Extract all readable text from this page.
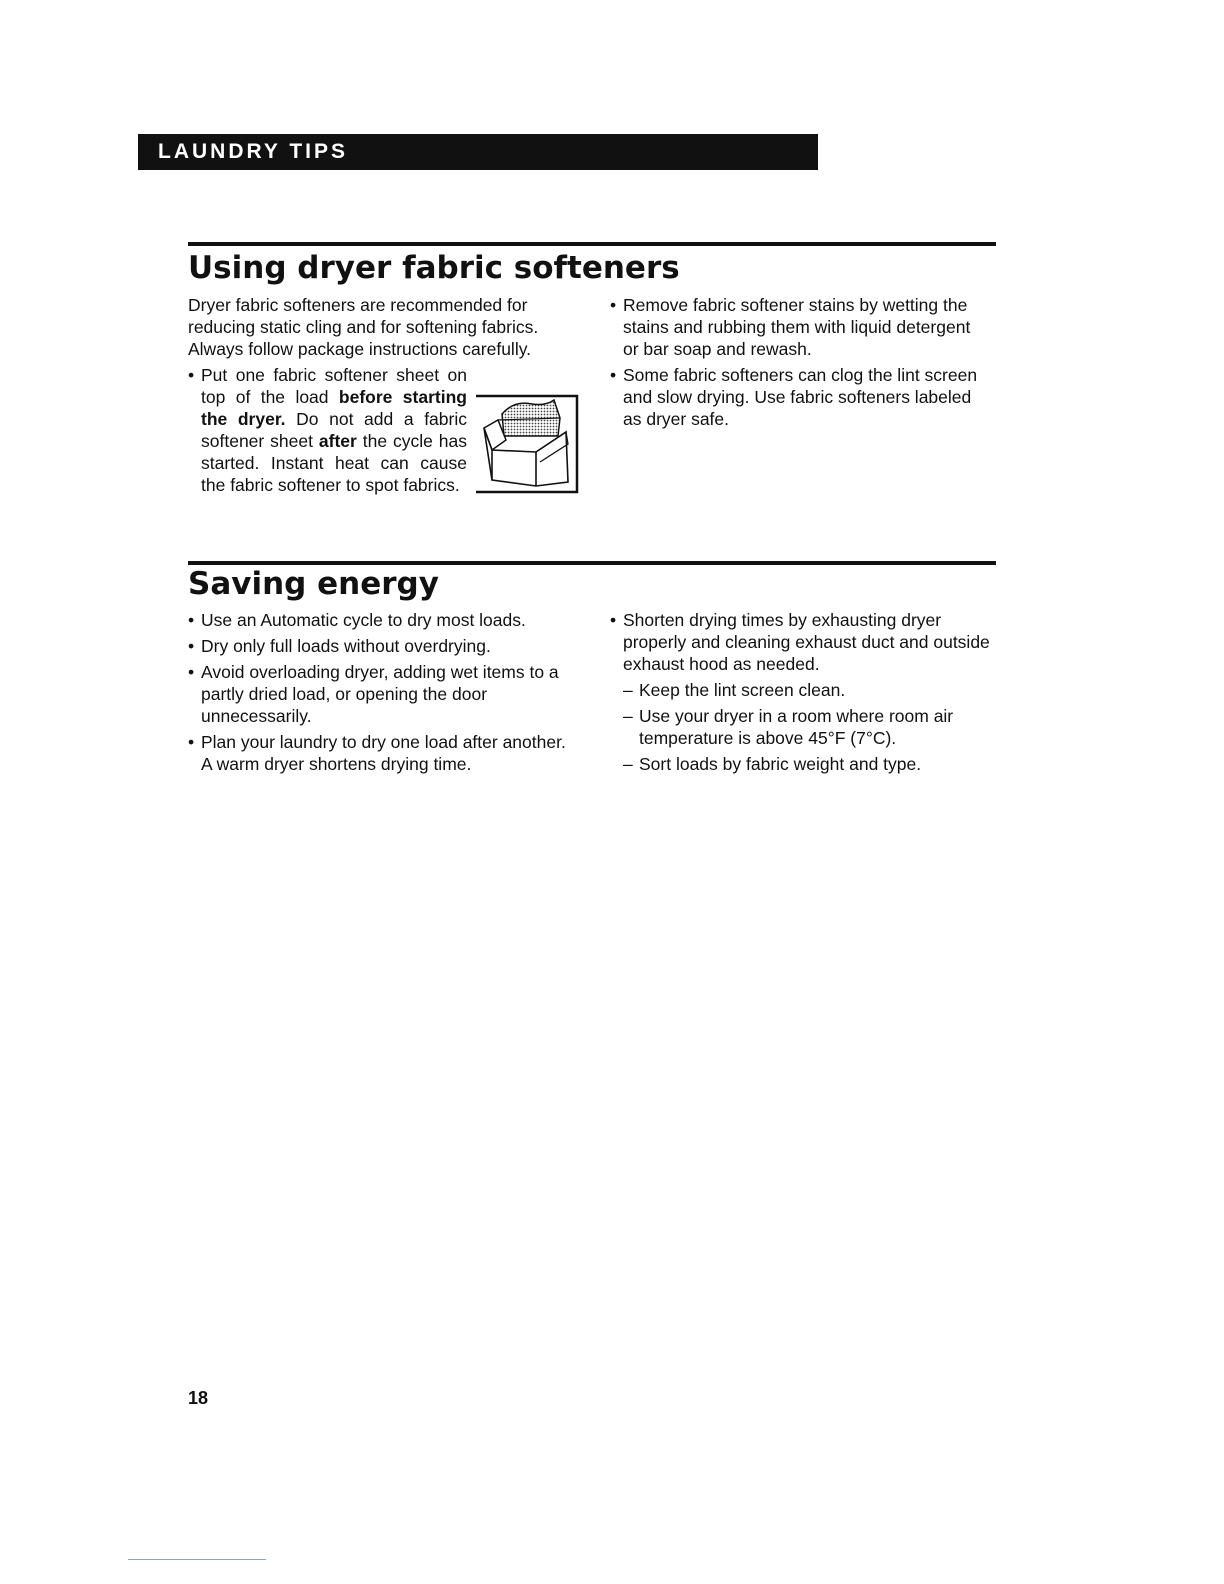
LAUNDRY TIPS
Using dryer fabric softeners

Dryer fabric softeners are recommended for reducing static cling and for softening fabrics. Always follow package instructions carefully.

• Put one fabric softener sheet on top of the load before starting the dryer. Do not add a fabric softener sheet after the cycle has started. Instant heat can cause the fabric softener to spot fabrics.
• Remove fabric softener stains by wetting the stains and rubbing them with liquid detergent or bar soap and rewash.
• Some fabric softeners can clog the lint screen and slow drying. Use fabric softeners labeled as dryer safe.
Saving energy
• Use an Automatic cycle to dry most loads.
• Dry only full loads without overdrying.
• Avoid overloading dryer, adding wet items to a partly dried load, or opening the door unnecessarily.
• Plan your laundry to dry one load after another. A warm dryer shortens drying time.
• Shorten drying times by exhausting dryer properly and cleaning exhaust duct and outside exhaust hood as needed.
– Keep the lint screen clean.
– Use your dryer in a room where room air temperature is above 45°F (7°C).
– Sort loads by fabric weight and type.
18
